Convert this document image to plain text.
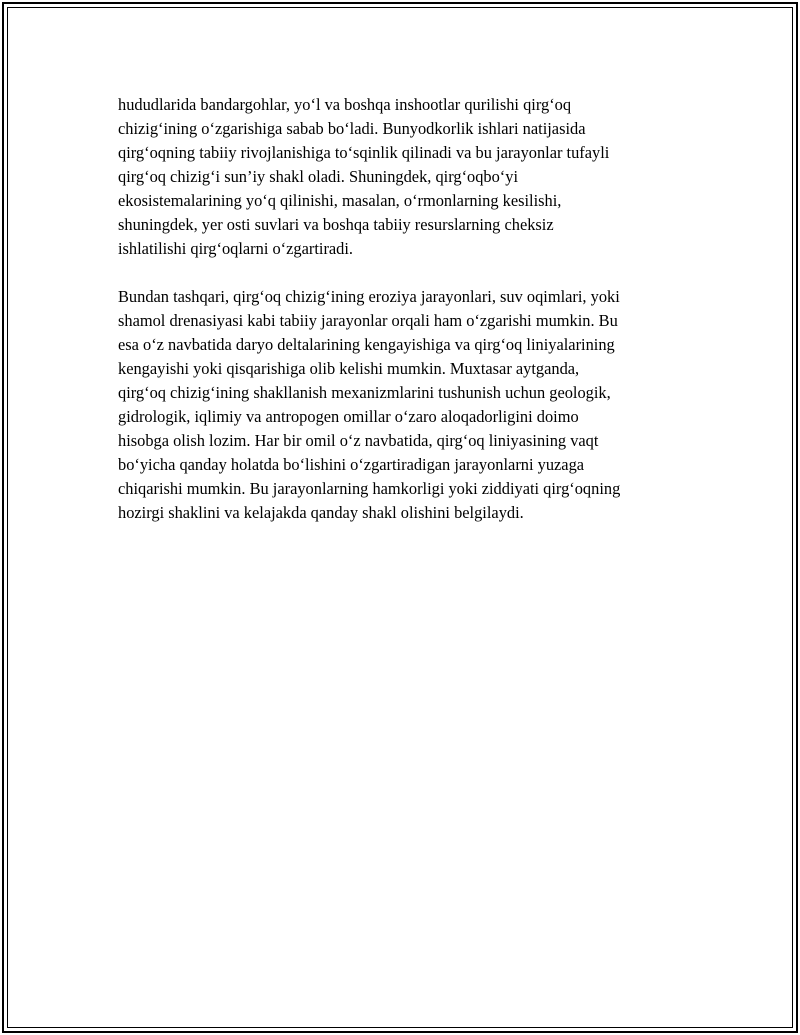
hududlarida bandargohlar, yo‘l va boshqa inshootlar qurilishi qirg‘oq
chizig‘ining o‘zgarishiga sabab bo‘ladi. Bunyodkorlik ishlari natijasida
qirg‘oqning tabiiy rivojlanishiga to‘sqinlik qilinadi va bu jarayonlar tufayli
qirg‘oq chizig‘i sun’iy shakl oladi. Shuningdek, qirg‘oqbo‘yi
ekosistemalarining yo‘q qilinishi, masalan, o‘rmonlarning kesilishi,
shuningdek, yer osti suvlari va boshqa tabiiy resurslarning cheksiz
ishlatilishi qirg‘oqlarni o‘zgartiradi.

Bundan tashqari, qirg‘oq chizig‘ining eroziya jarayonlari, suv oqimlari, yoki
shamol drenasiyasi kabi tabiiy jarayonlar orqali ham o‘zgarishi mumkin. Bu
esa o‘z navbatida daryo deltalarining kengayishiga va qirg‘oq liniyalarining
kengayishi yoki qisqarishiga olib kelishi mumkin. Muxtasar aytganda,
qirg‘oq chizig‘ining shakllanish mexanizmlarini tushunish uchun geologik,
gidrologik, iqlimiy va antropogen omillar o‘zaro aloqadorligini doimo
hisobga olish lozim. Har bir omil o‘z navbatida, qirg‘oq liniyasining vaqt
bo‘yicha qanday holatda bo‘lishini o‘zgartiradigan jarayonlarni yuzaga
chiqarishi mumkin. Bu jarayonlarning hamkorligi yoki ziddiyati qirg‘oqning
hozirgi shaklini va kelajakda qanday shakl olishini belgilaydi.
